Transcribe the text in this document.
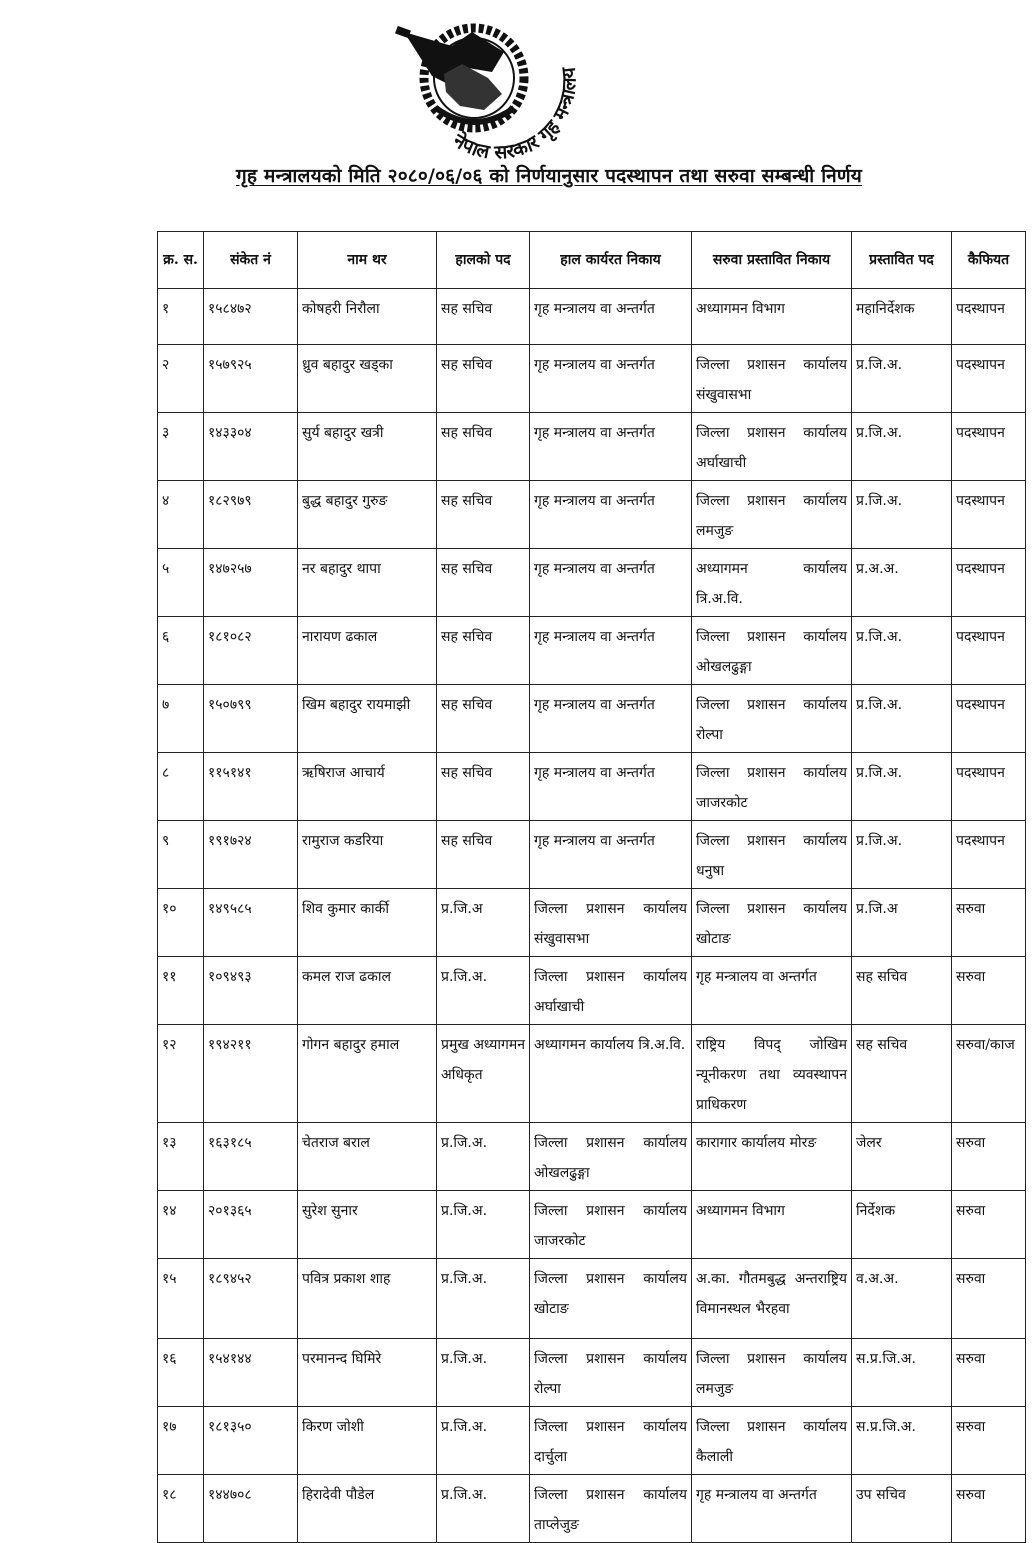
नेपाल सरकार गृह मन्त्रालय
गृह मन्त्रालयको मिति २०८०/०६/०६ को निर्णयानुसार पदस्थापन तथा सरुवा सम्बन्धी निर्णय
क्र. स.	संकेत नं	नाम थर	हालको पद	हाल कार्यरत निकाय	सरुवा प्रस्तावित निकाय	प्रस्तावित पद	कैफियत
१	१५८४७२	कोषहरी निरौला	सह सचिव	गृह मन्त्रालय वा अन्तर्गत	अध्यागमन विभाग	महानिर्देशक	पदस्थापन
२	१५७९२५	ध्रुव बहादुर खड्का	सह सचिव	गृह मन्त्रालय वा अन्तर्गत	जिल्ला प्रशासन कार्यालय संखुवासभा	प्र.जि.अ.	पदस्थापन
३	१४३३०४	सुर्य बहादुर खत्री	सह सचिव	गृह मन्त्रालय वा अन्तर्गत	जिल्ला प्रशासन कार्यालय अर्घाखाची	प्र.जि.अ.	पदस्थापन
४	१८२९७९	बुद्ध बहादुर गुरुङ	सह सचिव	गृह मन्त्रालय वा अन्तर्गत	जिल्ला प्रशासन कार्यालय लमजुङ	प्र.जि.अ.	पदस्थापन
५	१४७२५७	नर बहादुर थापा	सह सचिव	गृह मन्त्रालय वा अन्तर्गत	अध्यागमन कार्यालय त्रि.अ.वि.	प्र.अ.अ.	पदस्थापन
६	१८१०८२	नारायण ढकाल	सह सचिव	गृह मन्त्रालय वा अन्तर्गत	जिल्ला प्रशासन कार्यालय ओखलढुङ्गा	प्र.जि.अ.	पदस्थापन
७	१५०७९९	खिम बहादुर रायमाझी	सह सचिव	गृह मन्त्रालय वा अन्तर्गत	जिल्ला प्रशासन कार्यालय रोल्पा	प्र.जि.अ.	पदस्थापन
८	११५१४१	ऋषिराज आचार्य	सह सचिव	गृह मन्त्रालय वा अन्तर्गत	जिल्ला प्रशासन कार्यालय जाजरकोट	प्र.जि.अ.	पदस्थापन
९	१९१७२४	रामुराज कडरिया	सह सचिव	गृह मन्त्रालय वा अन्तर्गत	जिल्ला प्रशासन कार्यालय धनुषा	प्र.जि.अ.	पदस्थापन
१०	१४९५८५	शिव कुमार कार्की	प्र.जि.अ	जिल्ला प्रशासन कार्यालय संखुवासभा	जिल्ला प्रशासन कार्यालय खोटाङ	प्र.जि.अ	सरुवा
११	१०९४९३	कमल राज ढकाल	प्र.जि.अ.	जिल्ला प्रशासन कार्यालय अर्घाखाची	गृह मन्त्रालय वा अन्तर्गत	सह सचिव	सरुवा
१२	१९४२११	गोगन बहादुर हमाल	प्रमुख अध्यागमन अधिकृत	अध्यागमन कार्यालय त्रि.अ.वि.	राष्ट्रिय विपद् जोखिम न्यूनीकरण तथा व्यवस्थापन प्राधिकरण	सह सचिव	सरुवा/काज
१३	१६३१८५	चेतराज बराल	प्र.जि.अ.	जिल्ला प्रशासन कार्यालय ओखलढुङ्गा	कारागार कार्यालय मोरङ	जेलर	सरुवा
१४	२०१३६५	सुरेश सुनार	प्र.जि.अ.	जिल्ला प्रशासन कार्यालय जाजरकोट	अध्यागमन विभाग	निर्देशक	सरुवा
१५	१८९४५२	पवित्र प्रकाश शाह	प्र.जि.अ.	जिल्ला प्रशासन कार्यालय खोटाङ	अ.का. गौतमबुद्ध अन्तराष्ट्रिय विमानस्थल भैरहवा	व.अ.अ.	सरुवा
१६	१५४१४४	परमानन्द घिमिरे	प्र.जि.अ.	जिल्ला प्रशासन कार्यालय रोल्पा	जिल्ला प्रशासन कार्यालय लमजुङ	स.प्र.जि.अ.	सरुवा
१७	१८१३५०	किरण जोशी	प्र.जि.अ.	जिल्ला प्रशासन कार्यालय दार्चुला	जिल्ला प्रशासन कार्यालय कैलाली	स.प्र.जि.अ.	सरुवा
१८	१४४७०८	हिरादेवी पौडेल	प्र.जि.अ.	जिल्ला प्रशासन कार्यालय ताप्लेजुङ	गृह मन्त्रालय वा अन्तर्गत	उप सचिव	सरुवा
